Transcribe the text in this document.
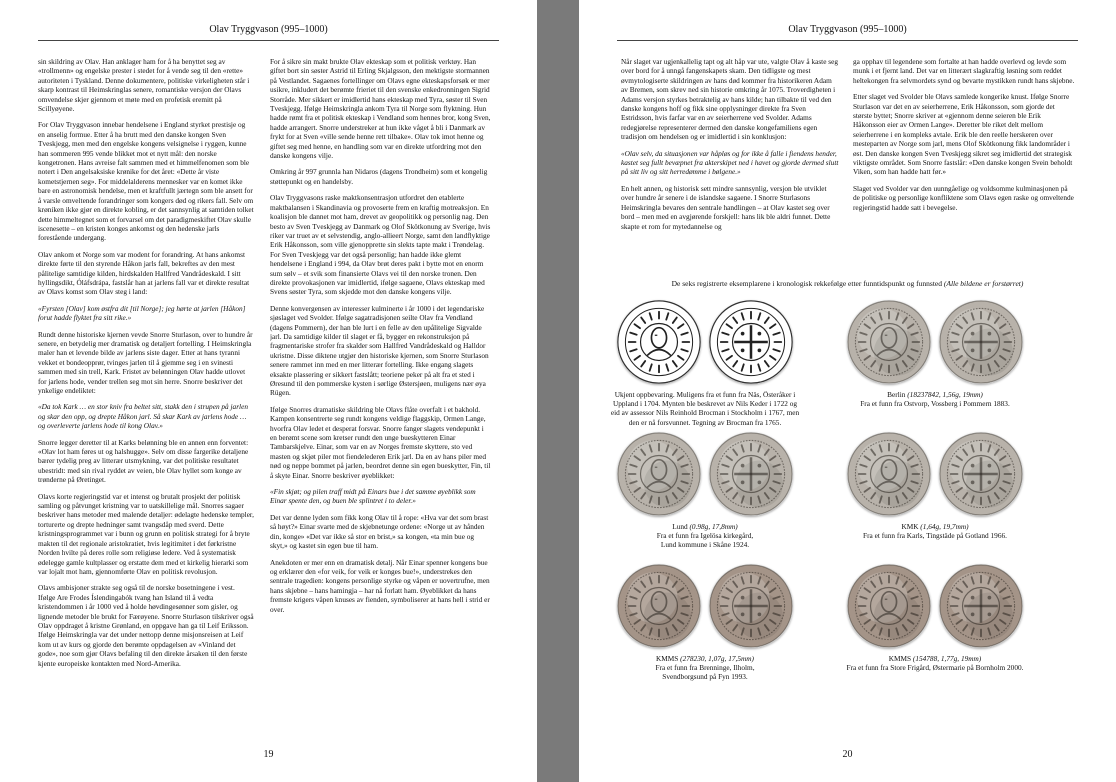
Olav Tryggvason (995–1000)

sin skildring av Olav. Han anklager ham for å ha benyttet seg av «trollmenn» og engelske prester i stedet for å vende seg til den «rette» autoriteten i Tyskland. Denne dokumentere, politiske virkeligheten står i skarp kontrast til Heimskringlas senere, romantiske versjon der Olavs omvendelse skjer gjennom et møte med en profetisk eremitt på Scillyøyene.

For Olav Tryggvason innebar hendelsene i England styrket prestisje og en anselig formue. Etter å ha brutt med den danske kongen Sven Tveskjegg, men med den engelske kongens velsignelse i ryggen, kunne han sommeren 995 vende blikket mot et nytt mål: den norske kongetronen. Hans avreise falt sammen med et himmelfenomen som ble notert i Den angelsaksiske krønike for det året: «Dette år viste kometstjernen seg». For middelalderens mennesker var en komet ikke bare en astronomisk hendelse, men et kraftfullt jærtegn som ble ansett for å varsle omveltende forandringer som kongers død og rikers fall. Selv om krøniken ikke gjør en direkte kobling, er det sannsynlig at samtiden tolket dette himmeltegnet som et forvarsel om det paradigmeskiftet Olav skulle iscenesette – en kristen konges ankomst og den hedenske jarls forestående undergang.

Olav ankom et Norge som var modent for forandring. At hans ankomst direkte førte til den styrende Håkon jarls fall, bekreftes av den mest pålitelige samtidige kilden, hirdskalden Hallfred Vandrådeskald. I sitt hyllingsdikt, Óláfsdrápa, fastslår han at jarlens fall var et direkte resultat av Olavs komst som Olav steg i land:

«Fyrsten [Olav] kom østfra dit [til Norge]; jeg hørte at jarlen [Håkon] forut hadde flyktet fra sitt rike.»

Rundt denne historiske kjernen vevde Snorre Sturlason, over to hundre år senere, en betydelig mer dramatisk og detaljert fortelling. I Heimskringla maler han et levende bilde av jarlens siste dager. Etter at hans tyranni vekket et bondeopprør, tvinges jarlen til å gjemme seg i en svinesti sammen med sin trell, Kark. Fristet av belønningen Olav hadde utlovet for jarlens hode, vender trellen seg mot sin herre. Snorre beskriver det ynkelige endeliktet:

«Da tok Kark … en stor kniv fra beltet sitt, stakk den i strupen på jarlen og skar den opp, og drepte Håkon jarl. Så skar Kark av jarlens hode … og overleverte jarlens hode til kong Olav.»

Snorre legger deretter til at Karks belønning ble en annen enn forventet: «Olav lot ham føres ut og halshugge». Selv om disse fargerike detaljene bærer tydelig preg av litterær utsmykning, var det politiske resultatet ubestridt: med sin rival ryddet av veien, ble Olav hyllet som konge av trønderne på Øretinget.

Olavs korte regjeringstid var et intenst og brutalt prosjekt der politisk samling og påtvunget kristning var to uatskillelige mål. Snorres sagaer beskriver hans metoder med malende detaljer: ødelagte hedenske templer, torturerte og drepte hedninger samt tvangsdåp med sverd. Dette kristningsprogrammet var i bunn og grunn en politisk strategi for å bryte makten til det regionale aristokratiet, hvis legitimitet i det førkristne Norden hvilte på deres rolle som religiøse ledere. Ved å systematisk ødelegge gamle kultplasser og erstatte dem med et kirkelig hierarki som var lojalt mot ham, gjennomførte Olav en politisk revolusjon.

Olavs ambisjoner strakte seg også til de norske bosetningene i vest. Ifølge Are Frodes Íslendingabók tvang han Island til å vedta kristendommen i år 1000 ved å holde høvdingesønner som gisler, og lignende metoder ble brukt for Færøyene. Snorre Sturlason tilskriver også Olav oppdraget å kristne Grønland, en oppgave han ga til Leif Eriksson. Ifølge Heimskringla var det under nettopp denne misjonsreisen at Leif kom ut av kurs og gjorde den berømte oppdagelsen av «Vinland det gode», noe som gjør Olavs befaling til den direkte årsaken til den første kjente europeiske kontakten med Nord-Amerika.

For å sikre sin makt brukte Olav ekteskap som et politisk verktøy. Han giftet bort sin søster Astrid til Erling Skjalgsson, den mektigste stormannen på Vestlandet. Sagaenes fortellinger om Olavs egne ekteskapsforsøk er mer usikre, inkludert det berømte frieriet til den svenske enkedronningen Sigrid Storråde. Mer sikkert er imidlertid hans ekteskap med Tyra, søster til Sven Tveskjegg. Ifølge Heimskringla ankom Tyra til Norge som flyktning. Hun hadde rømt fra et politisk ekteskap i Vendland som hennes bror, kong Sven, hadde arrangert. Snorre understreker at hun ikke våget å bli i Danmark av frykt for at Sven «ville sende henne rett tilbake». Olav tok imot henne og giftet seg med henne, en handling som var en direkte utfordring mot den danske kongens vilje.

Omkring år 997 grunnla han Nidaros (dagens Trondheim) som et kongelig støttepunkt og en handelsby.

Olav Tryggvasons raske maktkonsentrasjon utfordret den etablerte maktbalansen i Skandinavia og provoserte frem en kraftig motreaksjon. En koalisjon ble dannet mot ham, drevet av geopolitikk og personlig nag. Den besto av Sven Tveskjegg av Danmark og Olof Skötkonung av Sverige, hvis riker var truet av et selvstendig, anglo-allieert Norge, samt den landflyktige Erik Håkonsson, som ville gjenopprette sin slekts tapte makt i Trøndelag. For Sven Tveskjegg var det også personlig; han hadde ikke glemt hendelsene i England i 994, da Olav brøt deres pakt i bytte mot en enorm sum sølv – et svik som finansierte Olavs vei til den norske tronen. Den direkte provokasjonen var imidlertid, ifølge sagaene, Olavs ekteskap med Svens søster Tyra, som skjedde mot den danske kongens vilje.

Denne konvergensen av interesser kulminerte i år 1000 i det legendariske sjøslaget ved Svolder. Ifølge sagatradisjonen seilte Olav fra Vendland (dagens Pommern), der han ble lurt i en felle av den upålitelige Sigvalde jarl. Da samtidige kilder til slaget er få, bygger en rekonstruksjon på fragmentariske strofer fra skalder som Hallfred Vandrådeskald og Halldor ukristne. Disse diktene utgjør den historiske kjernen, som Snorre Sturlason senere rammet inn med en mer litterær fortelling. Ikke engang slagets eksakte plassering er sikkert fastslått; teoriene peker på alt fra et sted i Øresund til den pommerske kysten i sørlige Østersjøen, muligens nær øya Rügen.

Ifølge Snorres dramatiske skildring ble Olavs flåte overfalt i et bakhold. Kampen konsentrerte seg rundt kongens veldige flaggskip, Ormen Lange, hvorfra Olav ledet et desperat forsvar. Snorre fanger slagets vendepunkt i en berømt scene som kretser rundt den unge bueskytteren Einar Tambarskjelve. Einar, som var en av Norges fremste skyttere, sto ved masten og skjøt piler mot fiendelederen Erik jarl. Da en av hans piler med nød og neppe bommet på jarlen, beordret denne sin egen bueskytter, Fin, til å skyte Einar. Snorre beskriver øyeblikket:

«Fin skjøt; og pilen traff midt på Einars bue i det samme øyeblikk som Einar spente den, og buen ble splintret i to deler.»

Det var denne lyden som fikk kong Olav til å rope: «Hva var det som brast så høyt?» Einar svarte med de skjebnetunge ordene: «Norge ut av hånden din, konge» «Det var ikke så stor en brist,» sa kongen, «ta min bue og skyt,» og kastet sin egen bue til ham.

Anekdoten er mer enn en dramatisk detalj. Når Einar spenner kongens bue og erklærer den «for veik, for veik er konges bue!», understrekes den sentrale tragedien: kongens personlige styrke og våpen er uovertrufne, men hans skjebne – hans hamingja – har nå forlatt ham. Øyeblikket da hans fremste krigers våpen knuses av fienden, symboliserer at hans hell i strid er over.

19
Olav Tryggvason (995–1000)

Når slaget var ugjenkallelig tapt og alt håp var ute, valgte Olav å kaste seg over bord for å unngå fangenskapets skam. Den tidligste og mest øvmytologiserte skildringen av hans død kommer fra historikeren Adam av Bremen, som skrev ned sin historie omkring år 1075. Troverdigheten i Adams versjon styrkes betraktelig av hans kilde; han tilbakte til ved den danske kongens hoff og fikk sine opplysninger direkte fra Sven Estridsson, hvis farfar var en av seierherrene ved Svolder. Adams redegjørelse representerer dermed den danske kongefamiliens egen tradisjon om hendelsen og er imidlertid i sin konklusjon:

«Olav selv, da situasjonen var håpløs og for ikke å falle i fiendens hender, kastet seg fullt bevæpnet fra akterskipet ned i havet og gjorde dermed slutt på sitt liv og sitt herredømme i bølgene.»

En helt annen, og historisk sett mindre sannsynlig, versjon ble utviklet over hundre år senere i de islandske sagaene. I Snorre Sturlasons Heimskringla bevares den sentrale handlingen – at Olav kastet seg over bord – men med en avgjørende forskjell: hans lik ble aldri funnet. Dette skapte et rom for mytedannelse og

ga opphav til legendene som fortalte at han hadde overlevd og levde som munk i et fjernt land. Det var en litterært slagkraftig løsning som reddet heltekongen fra selvmordets synd og bevarte mystikken rundt hans skjebne.

Etter slaget ved Svolder ble Olavs samlede kongerike knust. Ifølge Snorre Sturlason var det en av seierherrene, Erik Håkonsson, som gjorde det største byttet; Snorre skriver at «gjennom denne seieren ble Erik Håkonsson eier av Ormen Lange». Deretter ble riket delt mellom seierherrene i en kompleks avtale. Erik ble den reelle herskeren over mesteparten av Norge som jarl, mens Olof Skötkonung fikk landområder i øst. Den danske kongen Sven Tveskjegg sikret seg imidlertid det strategisk viktigste området. Som Snorre fastslår: «Den danske kongen Svein beholdt Viken, som han hadde hatt før.»

Slaget ved Svolder var den uunngåelige og voldsomme kulminasjonen på de politiske og personlige konfliktene som Olavs egen raske og omveltende regjeringstid hadde satt i bevegelse.

De seks registrerte eksemplarene i kronologisk rekkefølge etter funntidspunkt og funnsted (Alle bildene er forstørret)
20
Ukjent oppbevaring. Muligens fra et funn fra Näs, Österåker i
Uppland i 1704. Mynten ble beskrevet av Nils Keder i 1722 og
eid av assessor Nils Reinhold Brocman i Stockholm i 1767, men
den er nå forsvunnet. Tegning av Brocman fra 1765.
Berlin (18237842, 1,56g, 19mm)
Fra et funn fra Ostvorp, Vossberg i Pommern 1883.
Lund (0.98g, 17,8mm)
Fra et funn fra Igelösa kirkegård,
Lund kommune i Skåne 1924.
KMK (1,64g, 19,7mm)
Fra et funn fra Karls, Tingstäde på Gotland 1966.
KMMS (278230, 1,07g, 17,5mm)
Fra et funn fra Brenninge, Ilholm,
Svendborgsund på Fyn 1993.
KMMS (154788, 1,77g, 19mm)
Fra et funn fra Store Frigård, Østermarie på Bornholm 2000.
